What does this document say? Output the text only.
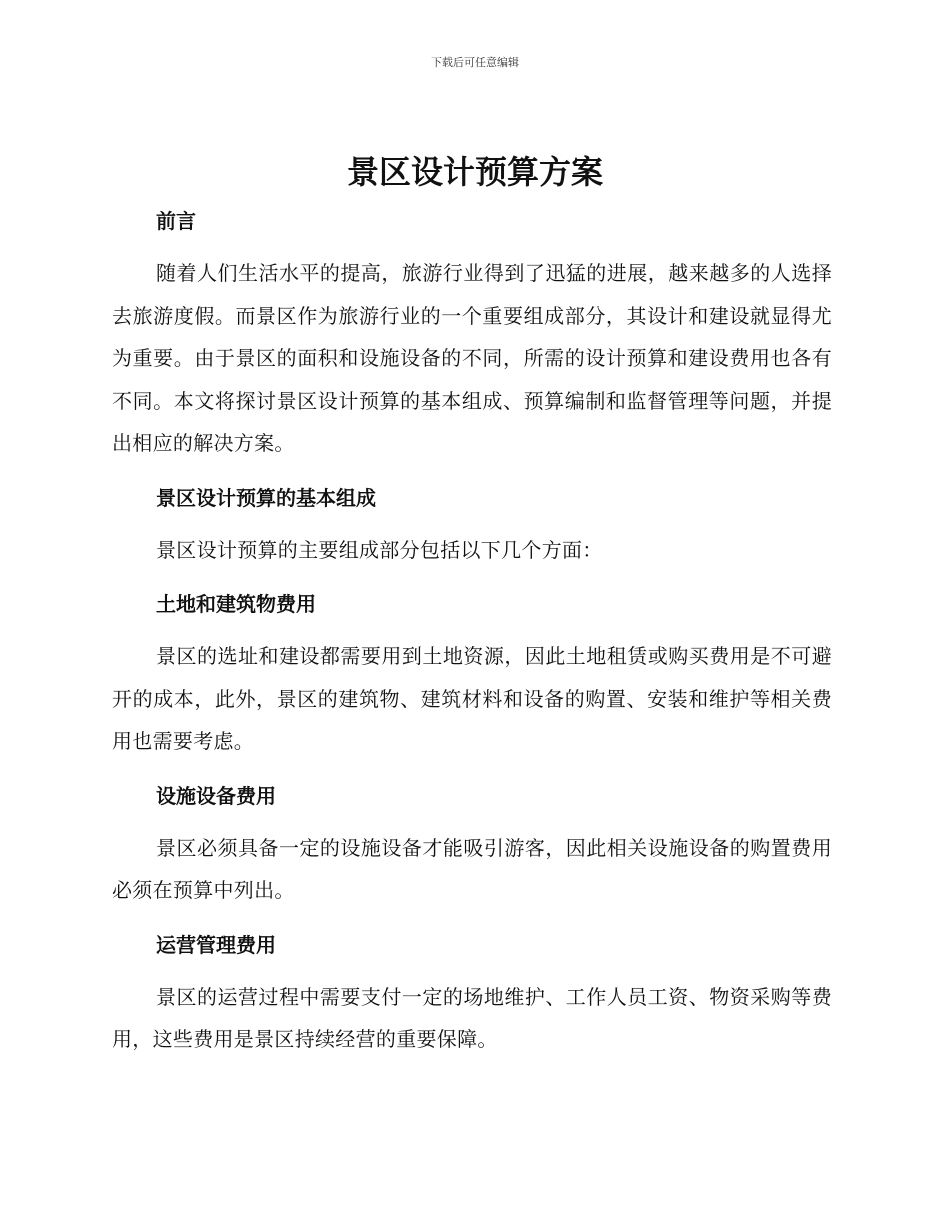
下载后可任意编辑
景区设计预算方案
前言

随着人们生活水平的提高，旅游行业得到了迅猛的进展，越来越多的人选择去旅游度假。而景区作为旅游行业的一个重要组成部分，其设计和建设就显得尤为重要。由于景区的面积和设施设备的不同，所需的设计预算和建设费用也各有不同。本文将探讨景区设计预算的基本组成、预算编制和监督管理等问题，并提出相应的解决方案。

景区设计预算的基本组成

景区设计预算的主要组成部分包括以下几个方面：

土地和建筑物费用

景区的选址和建设都需要用到土地资源，因此土地租赁或购买费用是不可避开的成本，此外，景区的建筑物、建筑材料和设备的购置、安装和维护等相关费用也需要考虑。

设施设备费用

景区必须具备一定的设施设备才能吸引游客，因此相关设施设备的购置费用必须在预算中列出。

运营管理费用

景区的运营过程中需要支付一定的场地维护、工作人员工资、物资采购等费用，这些费用是景区持续经营的重要保障。
